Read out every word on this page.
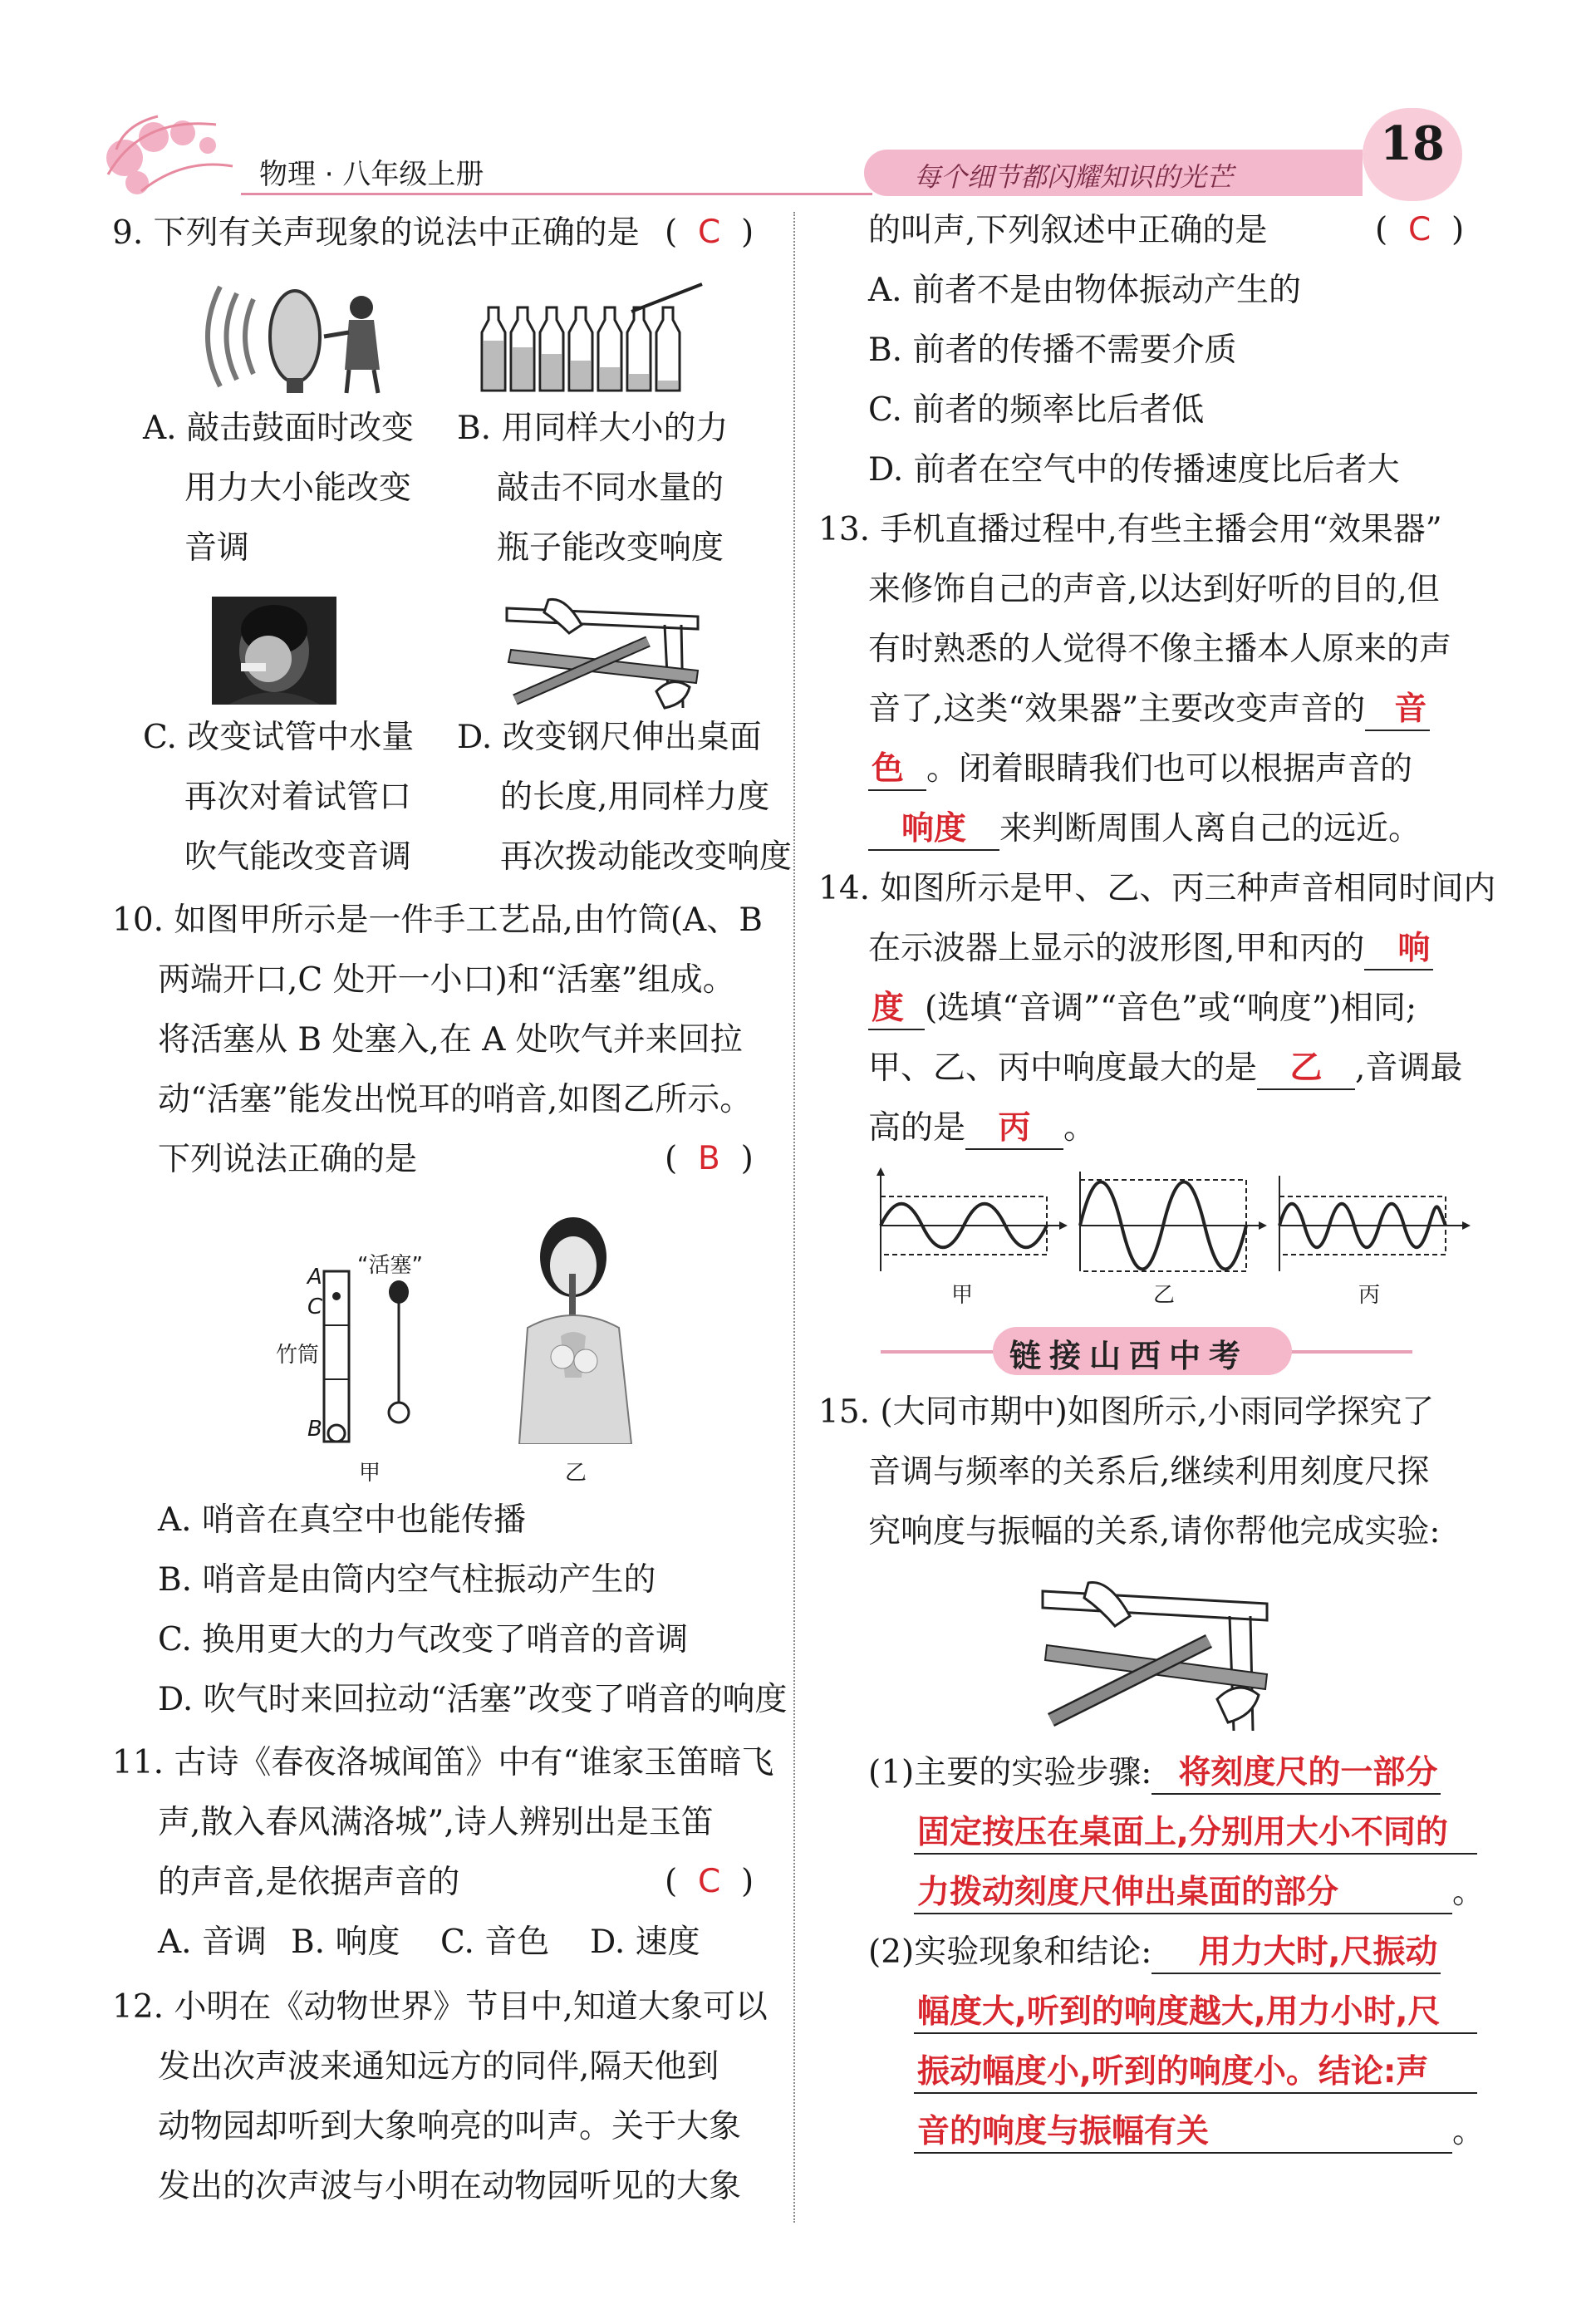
物理 · 八年级上册	每个细节都闪耀知识的光芒
18
9. 下列有关声现象的说法中正确的是 ( C )
A. 敲击鼓面时改变
用力大小能改变
音调
B. 用同样大小的力
敲击不同水量的
瓶子能改变响度
C. 改变试管中水量
再次对着试管口
吹气能改变音调
D. 改变钢尺伸出桌面
的长度,用同样力度
再次拨动能改变响度
10. 如图甲所示是一件手工艺品,由竹筒(A、B
两端开口,C 处开一小口)和“活塞”组成。
将活塞从 B 处塞入,在 A 处吹气并来回拉
动“活塞”能发出悦耳的哨音,如图乙所示。
下列说法正确的是	( B )
“活塞”
A
C
竹筒
B
甲	乙
A. 哨音在真空中也能传播
B. 哨音是由筒内空气柱振动产生的
C. 换用更大的力气改变了哨音的音调
D. 吹气时来回拉动“活塞”改变了哨音的响度
11. 古诗《春夜洛城闻笛》中有“谁家玉笛暗飞
声,散入春风满洛城”,诗人辨别出是玉笛
的声音,是依据声音的	( C )
A. 音调 B. 响度 C. 音色 D. 速度
12. 小明在《动物世界》节目中,知道大象可以
发出次声波来通知远方的同伴,隔天他到
动物园却听到大象响亮的叫声。关于大象
发出的次声波与小明在动物园听见的大象
的叫声,下列叙述中正确的是	( C )
A. 前者不是由物体振动产生的
B. 前者的传播不需要介质
C. 前者的频率比后者低
D. 前者在空气中的传播速度比后者大
13. 手机直播过程中,有些主播会用“效果器”
来修饰自己的声音,以达到好听的目的,但
有时熟悉的人觉得不像主播本人原来的声
音了,这类“效果器”主要改变声音的 音
色 。闭着眼睛我们也可以根据声音的
响度 来判断周围人离自己的远近。
14. 如图所示是甲、乙、丙三种声音相同时间内
在示波器上显示的波形图,甲和丙的 响
度 (选填“音调”“音色”或“响度”)相同;
甲、乙、丙中响度最大的是 乙 ,音调最
高的是 丙 。
甲	乙	丙
链接山西中考
15. (大同市期中)如图所示,小雨同学探究了
音调与频率的关系后,继续利用刻度尺探
究响度与振幅的关系,请你帮他完成实验:
(1)主要的实验步骤: 将刻度尺的一部分
固定按压在桌面上,分别用大小不同的
力拨动刻度尺伸出桌面的部分	。
(2)实验现象和结论: 用力大时,尺振动
幅度大,听到的响度越大,用力小时,尺
振动幅度小,听到的响度小。结论:声
音的响度与振幅有关	。
